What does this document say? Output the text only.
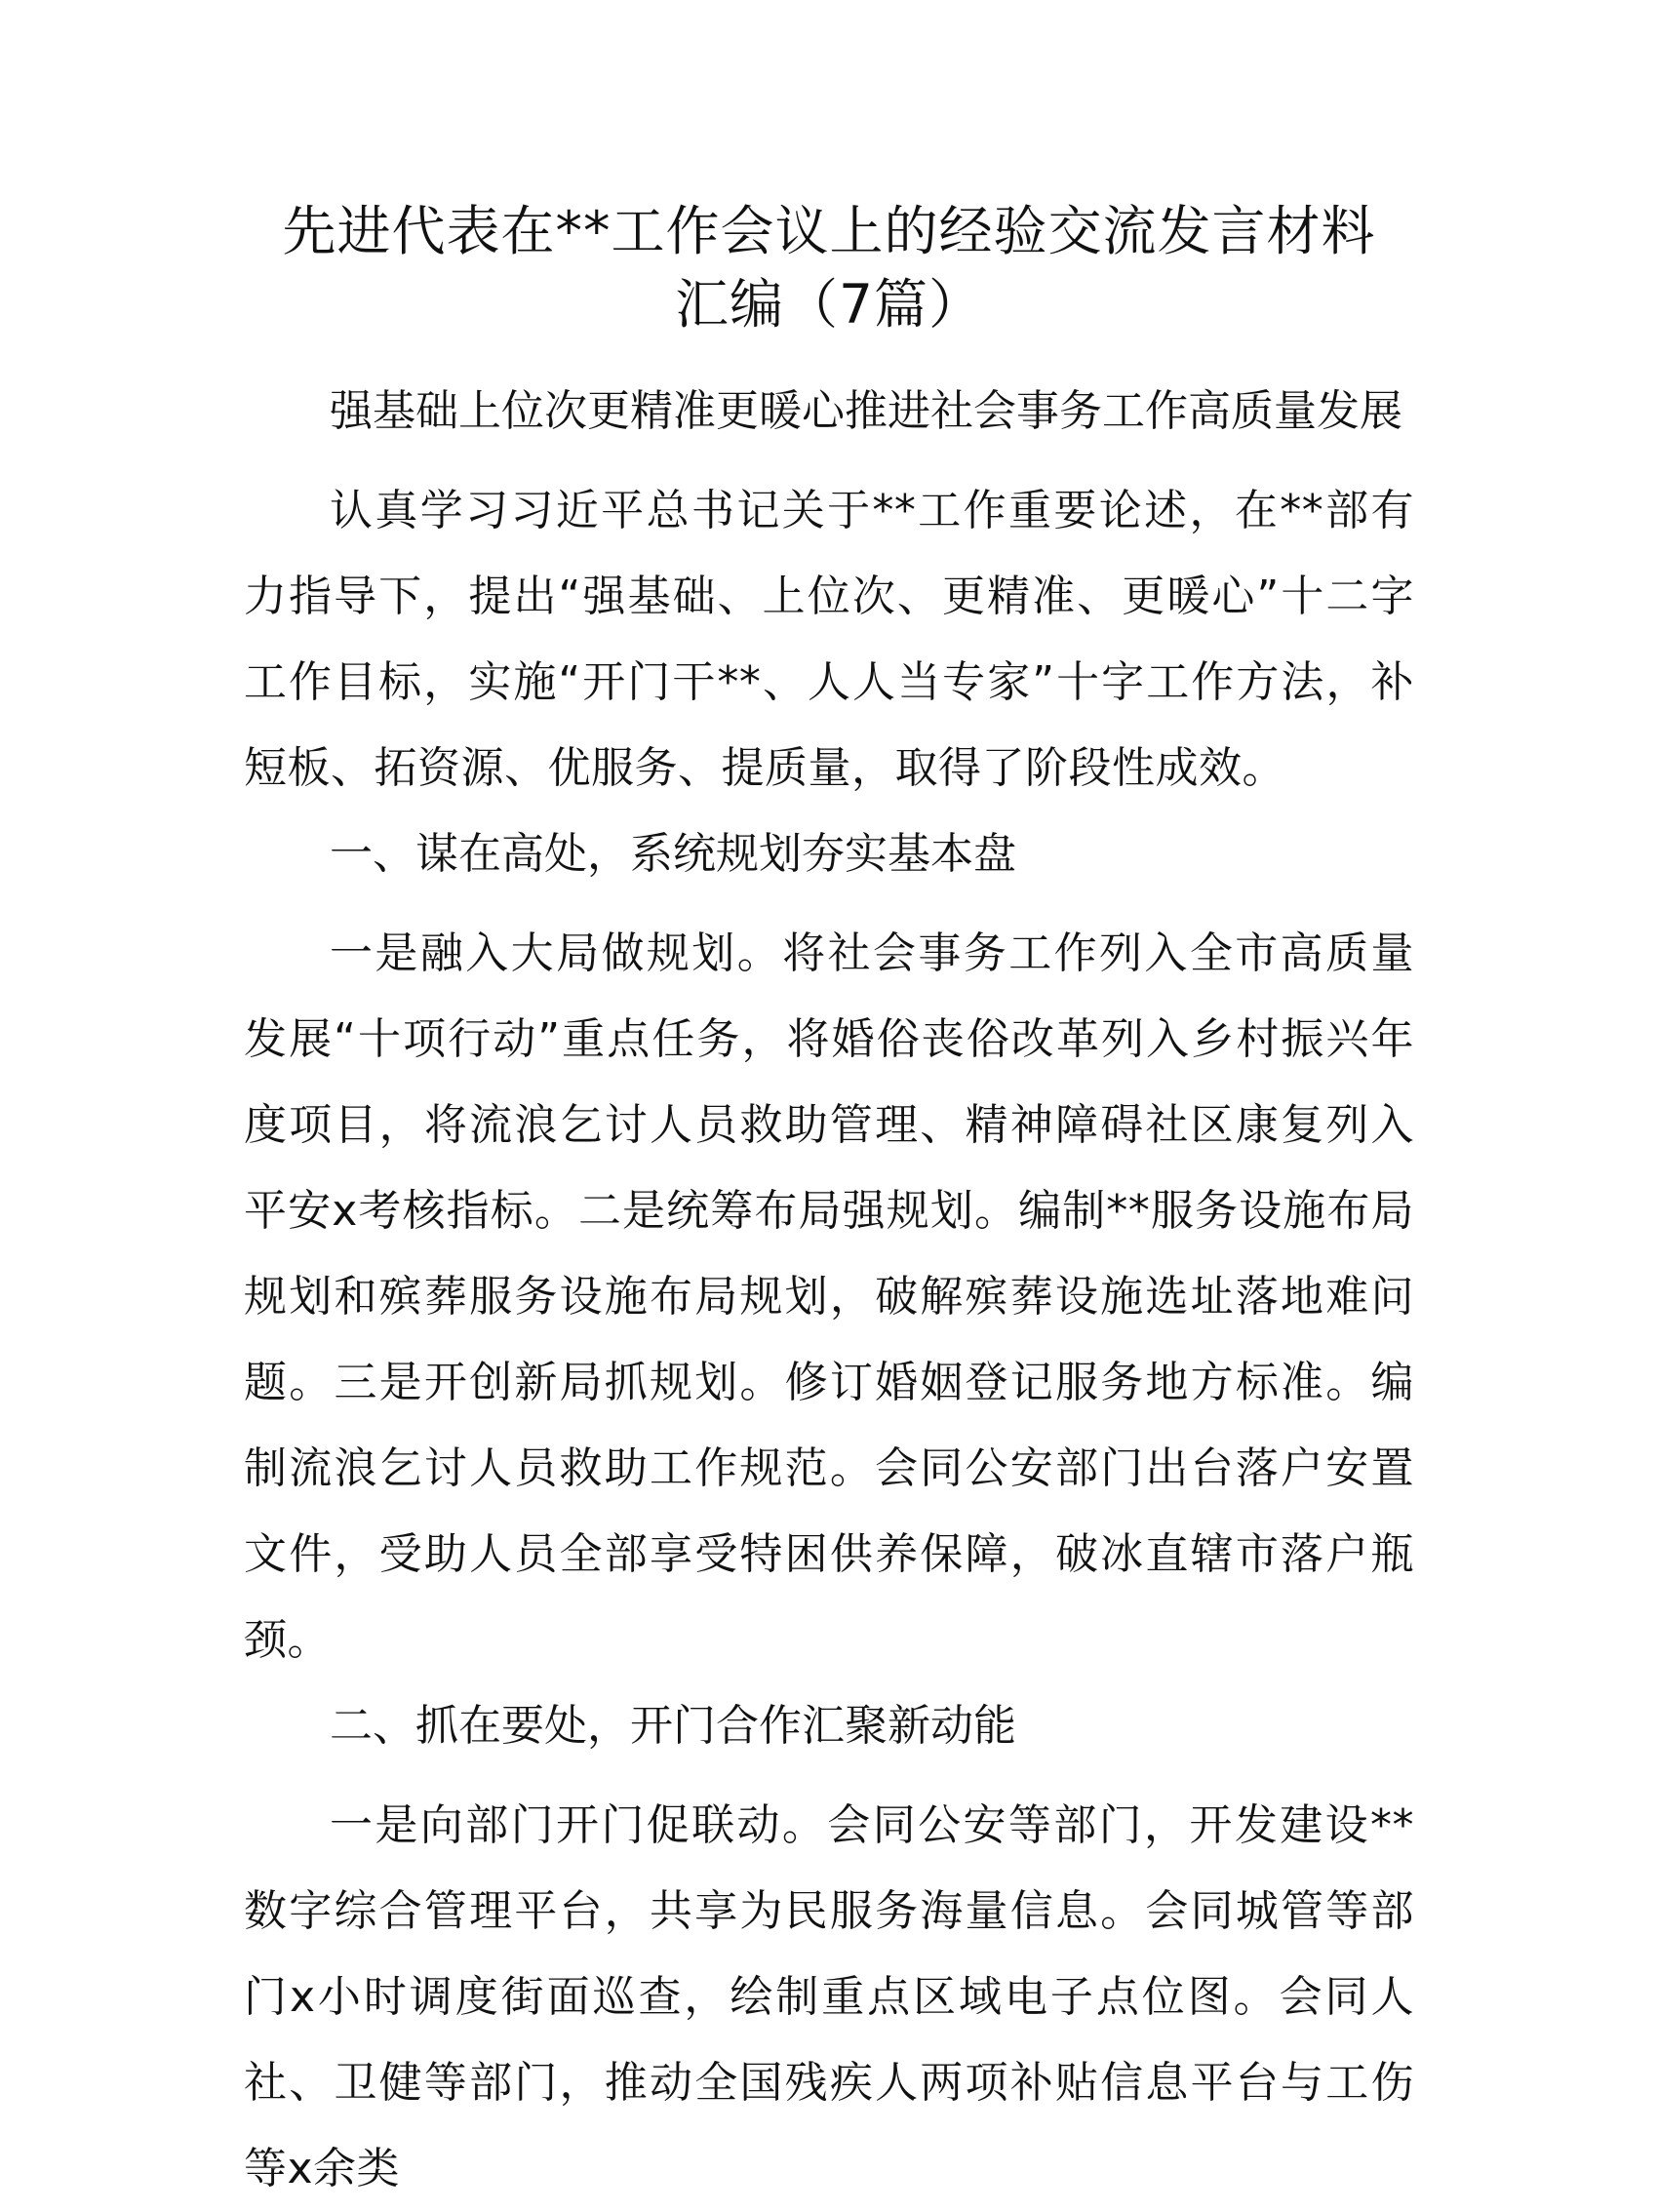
先进代表在**工作会议上的经验交流发言材料
汇编（7篇）
强基础上位次更精准更暖心推进社会事务工作高质量发展

认真学习习近平总书记关于**工作重要论述，在**部有力指导下，提出“强基础、上位次、更精准、更暖心”十二字工作目标，实施“开门干**、人人当专家”十字工作方法，补短板、拓资源、优服务、提质量，取得了阶段性成效。

一、谋在高处，系统规划夯实基本盘

一是融入大局做规划。将社会事务工作列入全市高质量发展“十项行动”重点任务，将婚俗丧俗改革列入乡村振兴年度项目，将流浪乞讨人员救助管理、精神障碍社区康复列入平安x考核指标。二是统筹布局强规划。编制**服务设施布局规划和殡葬服务设施布局规划，破解殡葬设施选址落地难问题。三是开创新局抓规划。修订婚姻登记服务地方标准。编制流浪乞讨人员救助工作规范。会同公安部门出台落户安置文件，受助人员全部享受特困供养保障，破冰直辖市落户瓶颈。

二、抓在要处，开门合作汇聚新动能

一是向部门开门促联动。会同公安等部门，开发建设**数字综合管理平台，共享为民服务海量信息。会同城管等部门x小时调度街面巡查，绘制重点区域电子点位图。会同人社、卫健等部门，推动全国残疾人两项补贴信息平台与工伤等x余类
